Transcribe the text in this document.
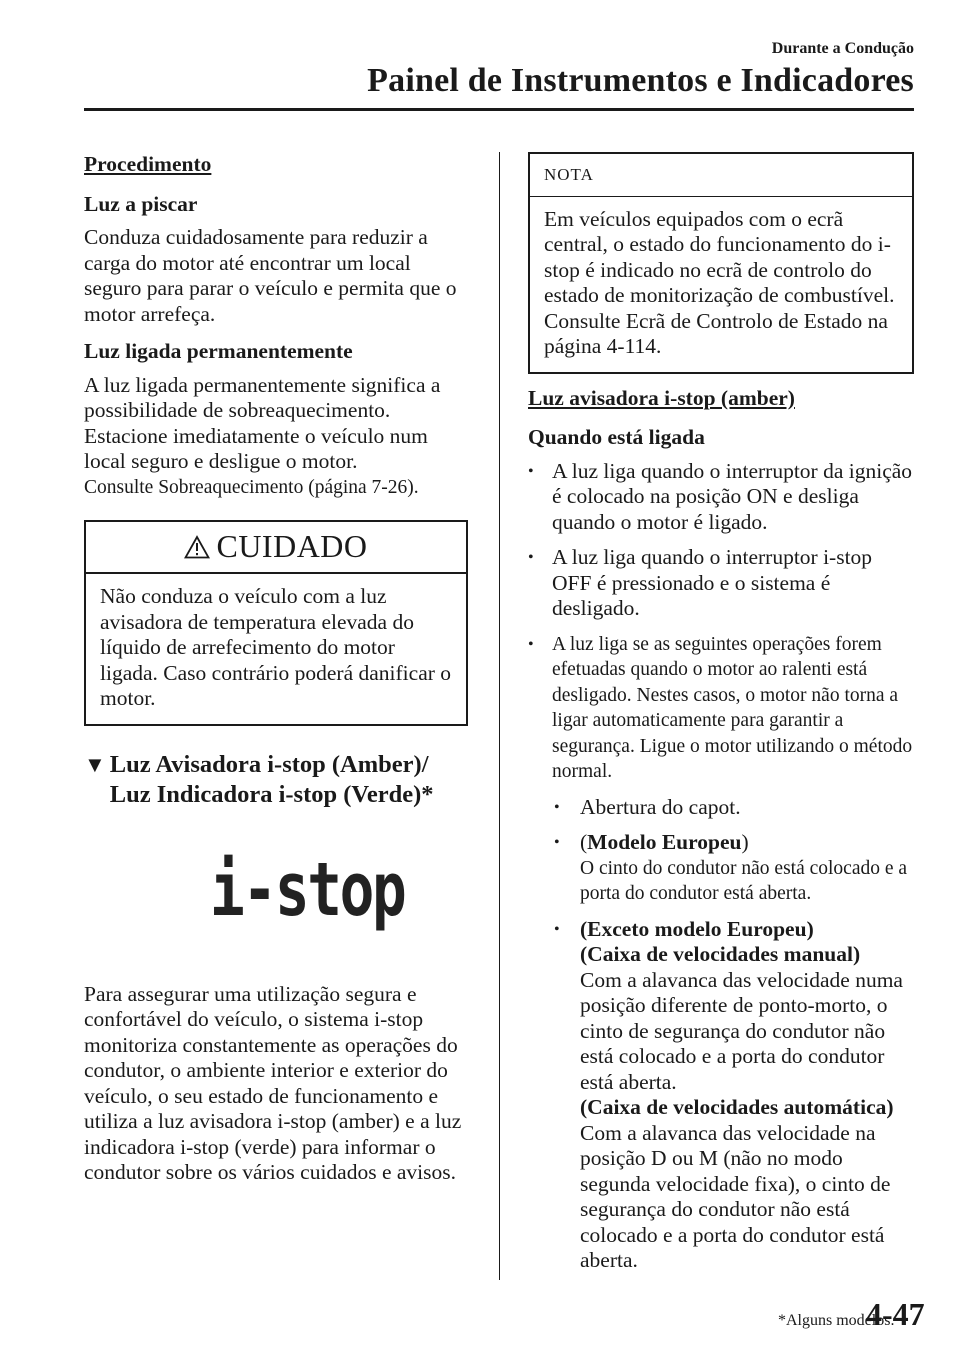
Durante a Condução
Painel de Instrumentos e Indicadores

Procedimento

Luz a piscar

Conduza cuidadosamente para reduzir a carga do motor até encontrar um local seguro para parar o veículo e permita que o motor arrefeça.

Luz ligada permanentemente

A luz ligada permanentemente significa a possibilidade de sobreaquecimento. Estacione imediatamente o veículo num local seguro e desligue o motor.

Consulte Sobreaquecimento (página 7-26).

CUIDADO

Não conduza o veículo com a luz avisadora de temperatura elevada do líquido de arrefecimento do motor ligada. Caso contrário poderá danificar o motor.

▼ Luz Avisadora i-stop (Amber)/
Luz Indicadora i-stop (Verde)*
i-stop

Para assegurar uma utilização segura e confortável do veículo, o sistema i-stop monitoriza constantemente as operações do condutor, o ambiente interior e exterior do veículo, o seu estado de funcionamento e utiliza a luz avisadora i-stop (amber) e a luz indicadora i-stop (verde) para informar o condutor sobre os vários cuidados e avisos.

NOTA

Em veículos equipados com o ecrã central, o estado do funcionamento do i-stop é indicado no ecrã de controlo do estado de monitorização de combustível.

Consulte Ecrã de Controlo de Estado na página 4-114.

Luz avisadora i-stop (amber)

Quando está ligada

• A luz liga quando o interruptor da ignição é colocado na posição ON e desliga quando o motor é ligado.
• A luz liga quando o interruptor i-stop OFF é pressionado e o sistema é desligado.
• A luz liga se as seguintes operações forem efetuadas quando o motor ao ralenti está desligado. Nestes casos, o motor não torna a ligar automaticamente para garantir a segurança. Ligue o motor utilizando o método normal.
• Abertura do capot.
• (Modelo Europeu)
O cinto do condutor não está colocado e a porta do condutor está aberta.
• (Exceto modelo Europeu)
(Caixa de velocidades manual)
Com a alavanca das velocidade numa posição diferente de ponto-morto, o cinto de segurança do condutor não está colocado e a porta do condutor está aberta.
(Caixa de velocidades automática)
Com a alavanca das velocidade na posição D ou M (não no modo segunda velocidade fixa), o cinto de segurança do condutor não está colocado e a porta do condutor está aberta.
*Alguns modelos.
4-47
